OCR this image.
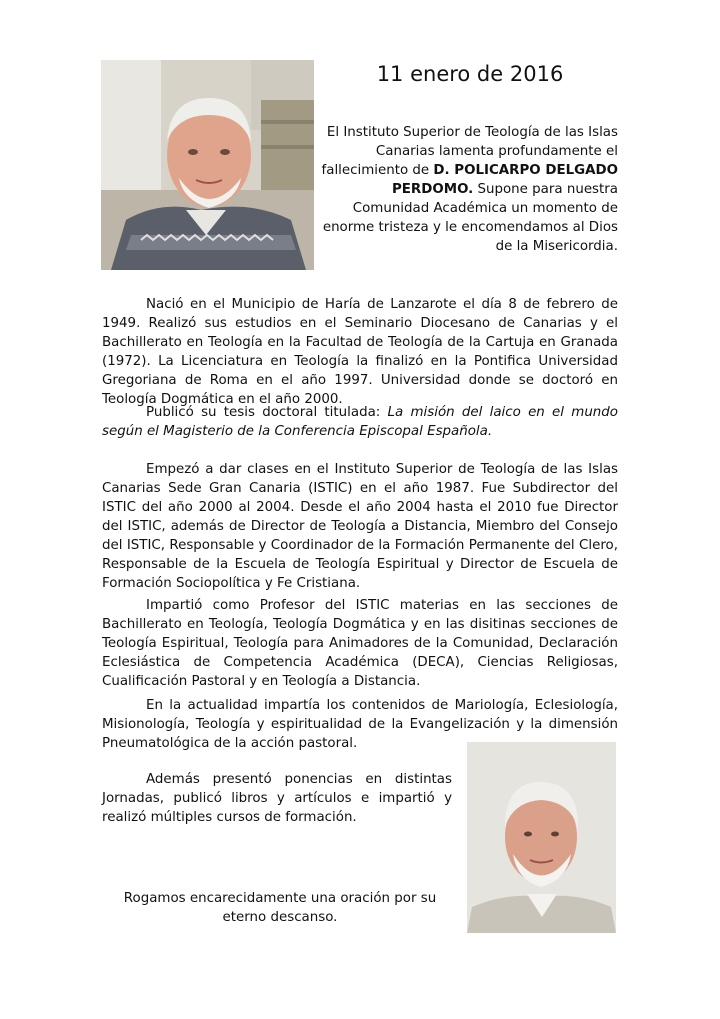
11 enero de 2016
El Instituto Superior de Teología de las Islas Canarias lamenta profundamente el fallecimiento de D. POLICARPO DELGADO PERDOMO. Supone para nuestra Comunidad Académica un momento de enorme tristeza y le encomendamos al Dios de la Misericordia.
Nació en el Municipio de Haría de Lanzarote el día 8 de febrero de 1949. Realizó sus estudios en el Seminario Diocesano de Canarias y el Bachillerato en Teología en la Facultad de Teología de la Cartuja en Granada (1972). La Licenciatura en Teología la finalizó en la Pontifica Universidad Gregoriana de Roma en el año 1997. Universidad donde se doctoró en Teología Dogmática en el año 2000.
Publicó su tesis doctoral titulada: La misión del laico en el mundo según el Magisterio de la Conferencia Episcopal Española.
Empezó a dar clases en el Instituto Superior de Teología de las Islas Canarias Sede Gran Canaria (ISTIC) en el año 1987. Fue Subdirector del ISTIC del año 2000 al 2004. Desde el año 2004 hasta el 2010 fue Director del ISTIC, además de Director de Teología a Distancia, Miembro del Consejo del ISTIC, Responsable y Coordinador de la Formación Permanente del Clero, Responsable de la Escuela de Teología Espiritual y Director de Escuela de Formación Sociopolítica y Fe Cristiana.
Impartió como Profesor del ISTIC materias en las secciones de Bachillerato en Teología, Teología Dogmática y en las disitinas secciones de Teología Espiritual, Teología para Animadores de la Comunidad, Declaración Eclesiástica de Competencia Académica (DECA), Ciencias Religiosas, Cualificación Pastoral y en Teología a Distancia.
En la actualidad impartía los contenidos de Mariología, Eclesiología, Misionología, Teología y espiritualidad de la Evangelización y la dimensión Pneumatológica de la acción pastoral.
Además presentó ponencias en distintas Jornadas, publicó libros y artículos e impartió y realizó múltiples cursos de formación.
Rogamos encarecidamente una oración por su eterno descanso.
